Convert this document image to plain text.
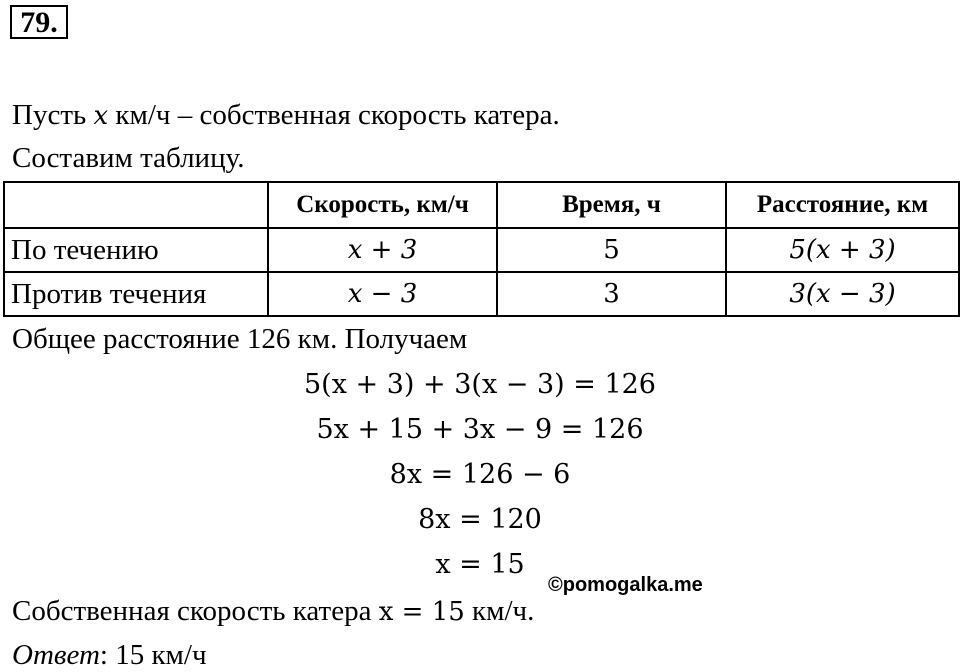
79.
Пусть x км/ч – собственная скорость катера.
Составим таблицу.
	Скорость, км/ч	Время, ч	Расстояние, км
По течению	x + 3	5	5(x + 3)
Против течения	x − 3	3	3(x − 3)
Общее расстояние 126 км. Получаем
5(x + 3) + 3(x − 3) = 126
5x + 15 + 3x − 9 = 126
8x = 126 − 6
8x = 120
x = 15
©pomogalka.me
Собственная скорость катера x = 15 км/ч.
Ответ: 15 км/ч
